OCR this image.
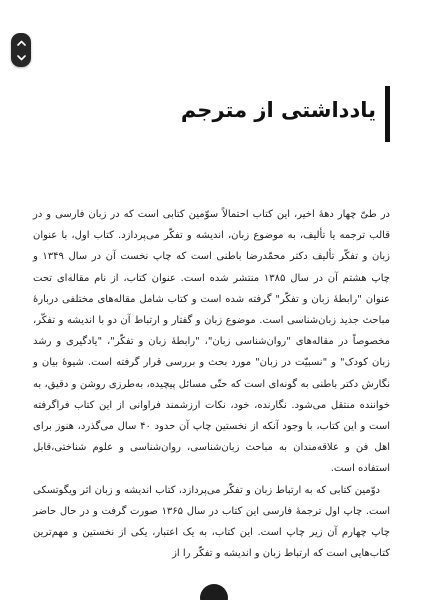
یادداشتی از مترجم

در طیّ چهار دههٔ اخیر، این کتاب احتمالاً سوّمین کتابی است که در زبان فارسی و در قالب ترجمه یا تألیف، به موضوع زبان، اندیشه و تفکّر می‌پردازد. کتاب اول، با عنوان زبان و تفکّر تألیف دکتر محمّدرضا باطنی است که چاپ نخست آن در سال ۱۳۴۹ و چاپ هشتم آن در سال ۱۳۸۵ منتشر شده است. عنوان کتاب، از نام مقاله‌ای تحت عنوان "رابطهٔ زبان و تفکّر" گرفته شده است و کتاب شامل مقاله‌های مختلفی دربارهٔ مباحث جدید زبان‌شناسی است. موضوع زبان و گفتار و ارتباط آن دو با اندیشه و تفکّر، مخصوصاً در مقاله‌های "روان‌شناسی زبان"، "رابطهٔ زبان و تفکّر"، "یادگیری و رشد زبان کودک" و "نسبیّت در زبان" مورد بحث و بررسی قرار گرفته است. شیوهٔ بیان و نگارش دکتر باطنی به گونه‌ای است که حتّی مسائل پیچیده، به‌طرزی روشن و دقیق، به خواننده منتقل می‌شود. نگارنده، خود، نکات ارزشمند فراوانی از این کتاب فراگرفته است و این کتاب، با وجود آنکه از نخستین چاپ آن حدود ۴۰ سال می‌گذرد، هنوز برای اهل فن و علاقه‌مندان به مباحث زبان‌شناسی، روان‌شناسی و علوم شناختی،قابل استفاده است.

دوّمین کتابی که به ارتباط زبان و تفکّر می‌پردازد، کتاب اندیشه و زبان اثر ویگوتسکی است. چاپ اول ترجمهٔ فارسی این کتاب در سال ۱۳۶۵ صورت گرفت و در حال حاضر چاپ چهارم آن زیر چاپ است. این کتاب، به یک اعتبار، یکی از نخستین و مهم‌ترین کتاب‌هایی است که ارتباط زبان و اندیشه و تفکّر را از
